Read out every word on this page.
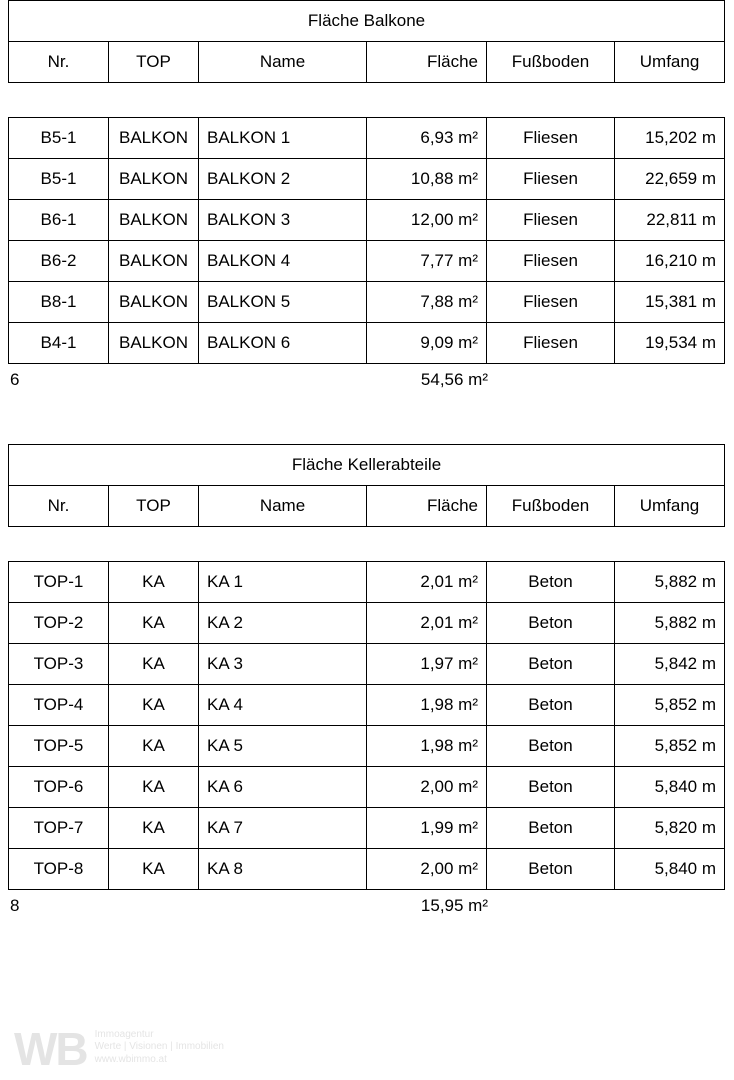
Fläche Balkone
Nr.	TOP	Name	Fläche	Fußboden	Umfang
B5-1	BALKON	BALKON 1	6,93 m²	Fliesen	15,202 m
B5-1	BALKON	BALKON 2	10,88 m²	Fliesen	22,659 m
B6-1	BALKON	BALKON 3	12,00 m²	Fliesen	22,811 m
B6-2	BALKON	BALKON 4	7,77 m²	Fliesen	16,210 m
B8-1	BALKON	BALKON 5	7,88 m²	Fliesen	15,381 m
B4-1	BALKON	BALKON 6	9,09 m²	Fliesen	19,534 m
6	54,56 m²
Fläche Kellerabteile
Nr.	TOP	Name	Fläche	Fußboden	Umfang
TOP-1	KA	KA 1	2,01 m²	Beton	5,882 m
TOP-2	KA	KA 2	2,01 m²	Beton	5,882 m
TOP-3	KA	KA 3	1,97 m²	Beton	5,842 m
TOP-4	KA	KA 4	1,98 m²	Beton	5,852 m
TOP-5	KA	KA 5	1,98 m²	Beton	5,852 m
TOP-6	KA	KA 6	2,00 m²	Beton	5,840 m
TOP-7	KA	KA 7	1,99 m²	Beton	5,820 m
TOP-8	KA	KA 8	2,00 m²	Beton	5,840 m
8	15,95 m²
WB Immoagentur
Werte | Visionen | Immobilien
www.wbimmo.at
